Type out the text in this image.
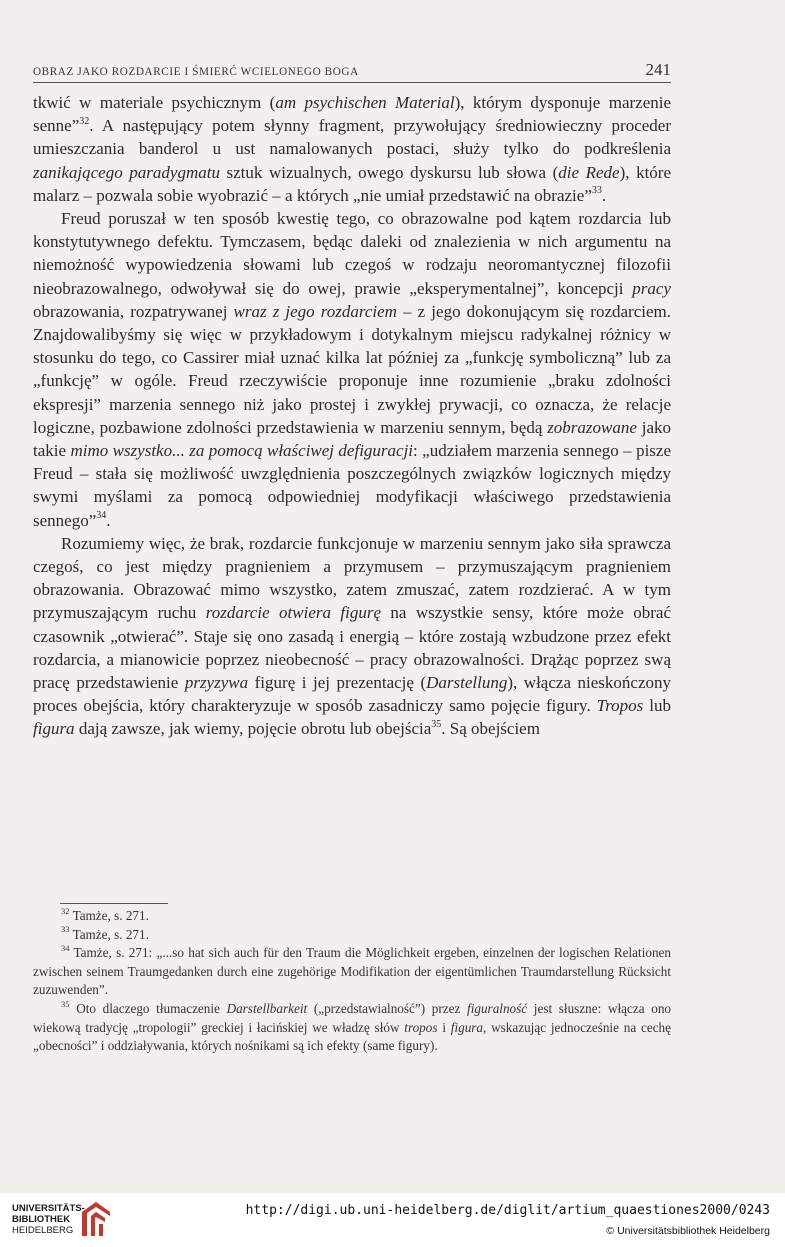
OBRAZ JAKO ROZDARCIE I ŚMIERĆ WCIELONEGO BOGA	241

tkwić w materiale psychicznym (am psychischen Material), którym dysponuje marzenie senne”$^{32}$. A następujący potem słynny fragment, przywołujący średniowieczny proceder umieszczania banderol u ust namalowanych postaci, służy tylko do podkreślenia zanikającego paradygmatu sztuk wizualnych, owego dyskursu lub słowa (die Rede), które malarz – pozwala sobie wyobrazić – a których „nie umiał przedstawić na obrazie”$^{33}$.

Freud poruszał w ten sposób kwestię tego, co obrazowalne pod kątem rozdarcia lub konstytutywnego defektu. Tymczasem, będąc daleki od znalezienia w nich argumentu na niemożność wypowiedzenia słowami lub czegoś w rodzaju neoromantycznej filozofii nieobrazowalnego, odwoływał się do owej, prawie „eksperymentalnej”, koncepcji pracy obrazowania, rozpatrywanej wraz z jego rozdarciem – z jego dokonującym się rozdarciem. Znajdowalibyśmy się więc w przykładowym i dotykalnym miejscu radykalnej różnicy w stosunku do tego, co Cassirer miał uznać kilka lat później za „funkcję symboliczną” lub za „funkcję” w ogóle. Freud rzeczywiście proponuje inne rozumienie „braku zdolności ekspresji” marzenia sennego niż jako prostej i zwykłej prywacji, co oznacza, że relacje logiczne, pozbawione zdolności przedstawienia w marzeniu sennym, będą zobrazowane jako takie mimo wszystko... za pomocą właściwej defiguracji: „udziałem marzenia sennego – pisze Freud – stała się możliwość uwzględnienia poszczególnych związków logicznych między swymi myślami za pomocą odpowiedniej modyfikacji właściwego przedstawienia sennego”$^{34}$.

Rozumiemy więc, że brak, rozdarcie funkcjonuje w marzeniu sennym jako siła sprawcza czegoś, co jest między pragnieniem a przymusem – przymuszającym pragnieniem obrazowania. Obrazować mimo wszystko, zatem zmuszać, zatem rozdzierać. A w tym przymuszającym ruchu rozdarcie otwiera figurę na wszystkie sensy, które może obrać czasownik „otwierać”. Staje się ono zasadą i energią – które zostają wzbudzone przez efekt rozdarcia, a mianowicie poprzez nieobecność – pracy obrazowalności. Drążąc poprzez swą pracę przedstawienie przyzywa figurę i jej prezentację (Darstellung), włącza nieskończony proces obejścia, który charakteryzuje w sposób zasadniczy samo pojęcie figury. Tropos lub figura dają zawsze, jak wiemy, pojęcie obrotu lub obejścia$^{35}$. Są obejściem

$^{32}$ Tamże, s. 271.

$^{33}$ Tamże, s. 271.

$^{34}$ Tamże, s. 271: „...so hat sich auch für den Traum die Möglichkeit ergeben, einzelnen der logischen Relationen zwischen seinem Traumgedanken durch eine zugehörige Modifikation der eigentümlichen Traumdarstellung Rücksicht zuzuwenden”.

$^{35}$ Oto dlaczego tłumaczenie Darstellbarkeit („przedstawialność”) przez figuralność jest słuszne: włącza ono wiekową tradycję „tropologii” greckiej i łacińskiej we władzę słów tropos i figura, wskazując jednocześnie na cechę „obecności” i oddziaływania, których nośnikami są ich efekty (same figury).

UNIVERSITÄTS-
BIBLIOTHEK
HEIDELBERG
http://digi.ub.uni-heidelberg.de/diglit/artium_quaestiones2000/0243
© Universitätsbibliothek Heidelberg
